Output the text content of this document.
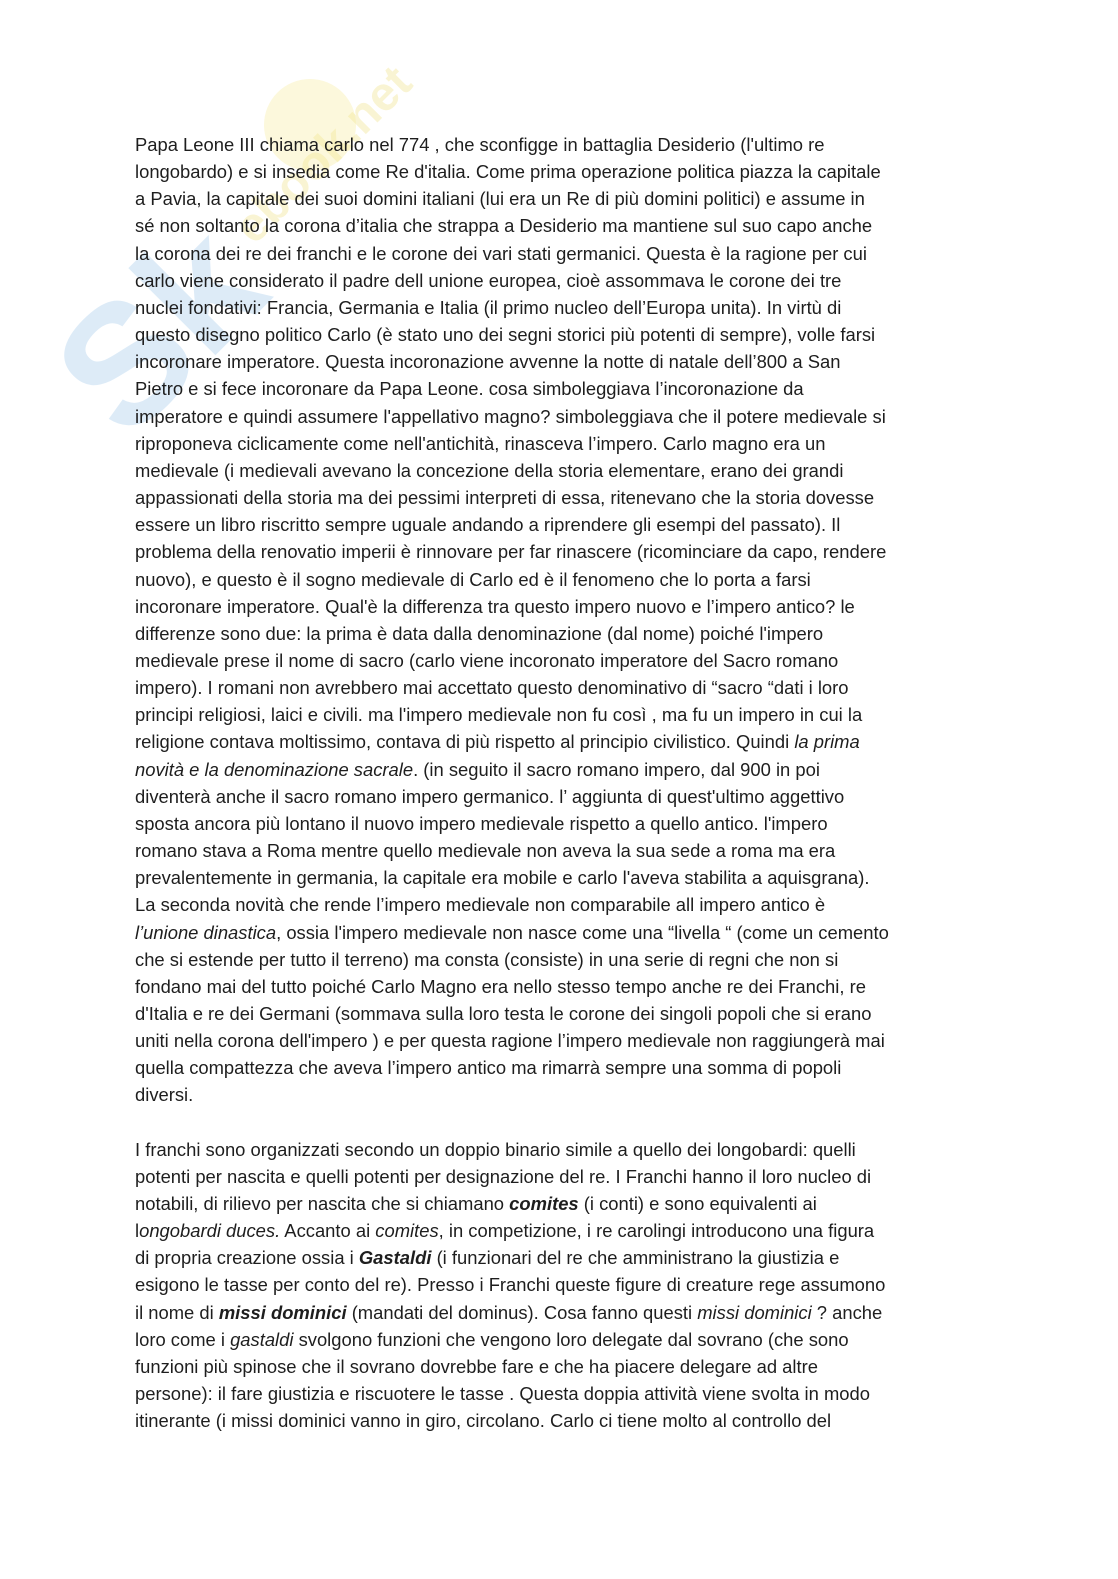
Sk
ebook.net

Papa Leone III chiama carlo nel 774 , che sconfigge in battaglia Desiderio (l'ultimo re
longobardo) e si insedia come Re d'italia. Come prima operazione politica piazza la capitale
a Pavia, la capitale dei suoi domini italiani (lui era un Re di più domini politici) e assume in
sé non soltanto la corona d’italia che strappa a Desiderio ma mantiene sul suo capo anche
la corona dei re dei franchi e le corone dei vari stati germanici. Questa è la ragione per cui
carlo viene considerato il padre dell unione europea, cioè assommava le corone dei tre
nuclei fondativi: Francia, Germania e Italia (il primo nucleo dell’Europa unita). In virtù di
questo disegno politico Carlo (è stato uno dei segni storici più potenti di sempre), volle farsi
incoronare imperatore. Questa incoronazione avvenne la notte di natale dell’800 a San
Pietro e si fece incoronare da Papa Leone. cosa simboleggiava l’incoronazione da
imperatore e quindi assumere l'appellativo magno? simboleggiava che il potere medievale si
riproponeva ciclicamente come nell'antichità, rinasceva l’impero. Carlo magno era un
medievale (i medievali avevano la concezione della storia elementare, erano dei grandi
appassionati della storia ma dei pessimi interpreti di essa, ritenevano che la storia dovesse
essere un libro riscritto sempre uguale andando a riprendere gli esempi del passato). Il
problema della renovatio imperii è rinnovare per far rinascere (ricominciare da capo, rendere
nuovo), e questo è il sogno medievale di Carlo ed è il fenomeno che lo porta a farsi
incoronare imperatore. Qual'è la differenza tra questo impero nuovo e l’impero antico? le
differenze sono due: la prima è data dalla denominazione (dal nome) poiché l'impero
medievale prese il nome di sacro (carlo viene incoronato imperatore del Sacro romano
impero). I romani non avrebbero mai accettato questo denominativo di “sacro “dati i loro
principi religiosi, laici e civili. ma l'impero medievale non fu così , ma fu un impero in cui la
religione contava moltissimo, contava di più rispetto al principio civilistico. Quindi la prima
novità e la denominazione sacrale. (in seguito il sacro romano impero, dal 900 in poi
diventerà anche il sacro romano impero germanico. l’ aggiunta di quest'ultimo aggettivo
sposta ancora più lontano il nuovo impero medievale rispetto a quello antico. l'impero
romano stava a Roma mentre quello medievale non aveva la sua sede a roma ma era
prevalentemente in germania, la capitale era mobile e carlo l'aveva stabilita a aquisgrana).
La seconda novità che rende l’impero medievale non comparabile all impero antico è
l’unione dinastica, ossia l'impero medievale non nasce come una “livella “ (come un cemento
che si estende per tutto il terreno) ma consta (consiste) in una serie di regni che non si
fondano mai del tutto poiché Carlo Magno era nello stesso tempo anche re dei Franchi, re
d'Italia e re dei Germani (sommava sulla loro testa le corone dei singoli popoli che si erano
uniti nella corona dell'impero ) e per questa ragione l’impero medievale non raggiungerà mai
quella compattezza che aveva l’impero antico ma rimarrà sempre una somma di popoli
diversi.

I franchi sono organizzati secondo un doppio binario simile a quello dei longobardi: quelli
potenti per nascita e quelli potenti per designazione del re. I Franchi hanno il loro nucleo di
notabili, di rilievo per nascita che si chiamano comites (i conti) e sono equivalenti ai
longobardi duces. Accanto ai comites, in competizione, i re carolingi introducono una figura
di propria creazione ossia i Gastaldi (i funzionari del re che amministrano la giustizia e
esigono le tasse per conto del re). Presso i Franchi queste figure di creature rege assumono
il nome di missi dominici (mandati del dominus). Cosa fanno questi missi dominici ? anche
loro come i gastaldi svolgono funzioni che vengono loro delegate dal sovrano (che sono
funzioni più spinose che il sovrano dovrebbe fare e che ha piacere delegare ad altre
persone): il fare giustizia e riscuotere le tasse . Questa doppia attività viene svolta in modo
itinerante (i missi dominici vanno in giro, circolano. Carlo ci tiene molto al controllo del
